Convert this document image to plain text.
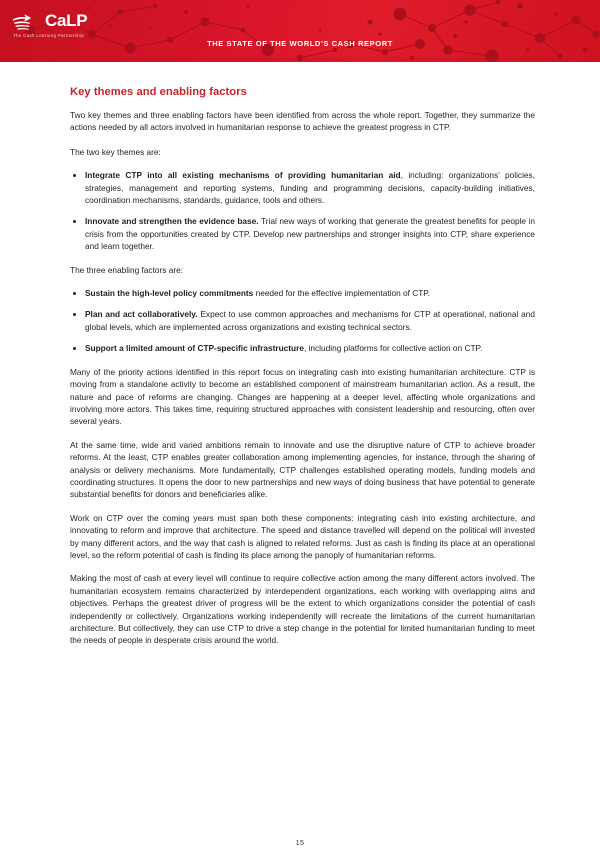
CaLP
The Cash Learning Partnership
THE STATE OF THE WORLD'S CASH REPORT
Key themes and enabling factors

Two key themes and three enabling factors have been identified from across the whole report. Together, they summarize the actions needed by all actors involved in humanitarian response to achieve the greatest progress in CTP.

The two key themes are:

Integrate CTP into all existing mechanisms of providing humanitarian aid, including: organizations’ policies, strategies, management and reporting systems, funding and programming decisions, capacity-building initiatives, coordination mechanisms, standards, guidance, tools and others.
Innovate and strengthen the evidence base. Trial new ways of working that generate the greatest benefits for people in crisis from the opportunities created by CTP. Develop new partnerships and stronger insights into CTP, share experience and learn together.

The three enabling factors are:

Sustain the high-level policy commitments needed for the effective implementation of CTP.
Plan and act collaboratively. Expect to use common approaches and mechanisms for CTP at operational, national and global levels, which are implemented across organizations and existing technical sectors.
Support a limited amount of CTP-specific infrastructure, including platforms for collective action on CTP.

Many of the priority actions identified in this report focus on integrating cash into existing humanitarian architecture. CTP is moving from a standalone activity to become an established component of mainstream humanitarian action. As a result, the nature and pace of reforms are changing. Changes are happening at a deeper level, affecting whole organizations and involving more actors. This takes time, requiring structured approaches with consistent leadership and resourcing, often over several years.

At the same time, wide and varied ambitions remain to innovate and use the disruptive nature of CTP to achieve broader reforms. At the least, CTP enables greater collaboration among implementing agencies, for instance, through the sharing of analysis or delivery mechanisms. More fundamentally, CTP challenges established operating models, funding models and coordinating structures. It opens the door to new partnerships and new ways of doing business that have potential to generate substantial benefits for donors and beneficiaries alike.

Work on CTP over the coming years must span both these components: integrating cash into existing architecture, and innovating to reform and improve that architecture. The speed and distance travelled will depend on the political will invested by many different actors, and the way that cash is aligned to related reforms. Just as cash is finding its place at an operational level, so the reform potential of cash is finding its place among the panoply of humanitarian reforms.

Making the most of cash at every level will continue to require collective action among the many different actors involved. The humanitarian ecosystem remains characterized by interdependent organizations, each working with overlapping aims and objectives. Perhaps the greatest driver of progress will be the extent to which organizations consider the potential of cash independently or collectively. Organizations working independently will recreate the limitations of the current humanitarian architecture. But collectively, they can use CTP to drive a step change in the potential for limited humanitarian funding to meet the needs of people in desperate crisis around the world.

15
